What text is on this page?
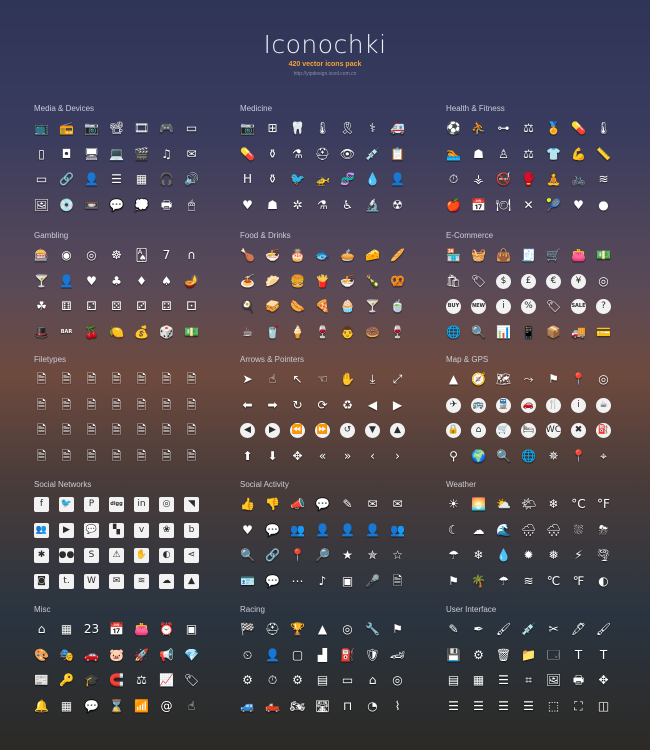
Iconochki
420 vector icons pack
http://yipdesign.icool.com.cn
Media & Devices
📺 📻 📷 📽 🎞 🎮 ▭
▯	◘ 🖥 💻 🎬 ♫ ✉
▭ 🔗 👤 ☰ ▦ 🎧 🔊
🖼 💿 📼 💬 💭 🖶	🖱
Medicine
📷 ⊞ 🦷 🌡 🎗	⚕	🚑
💊 ⚱ ⚗ ⛑ 👁 💉 📋
H ⚱ 🐦 🚁 🧬 💧 👤
♥ ☗ ✲ ⚗ ♿ 🔬 ☢
Health & Fitness
⚽ ⛹ ⊶ ⚖ 🏅 💊 🌡
🏊 ☗ ♙ ⚖ 👕 💪 📏
⏱ ⚶ 🚭 🥊 🧘 🚲 ≋
🍎 📅 🍽 ✕ 🎾 ♥ ●
Gambling
🎰 ◉ ◎ ☸ 🂡	7	∩
🍸 👤 ♥ ♣ ♦ ♠ 🪔
☘ ⚅ ⚁ ⚄ ⚂ ⚃ ⚀
🎩	BAR 🍒 🍋 💰 🎲 💵
Food & Drinks
🍗 🍜 🎂 🐟 🥧 🧀 🥖
🍝 🥟 🍔 🍟 🍜 🍾 🥨
🍳 🥪 🌭 🍕 🧁 🍸 🍵
☕ 🥤 🍦 🍷 👨 🍩 🍷
E-Commerce
🏪 🧺 👜 🧾 🛒 👛 💵
🛍 🏷	$	£	€	¥	◎
BUY	NEW	i	% 🏷 SALE	?
🌐 🔍 📊 📱 📦 🚚 💳
Filetypes
🗎 🗎 🗎 🗎 🗎 🗎 🗎
🗎 🗎 🗎 🗎 🗎 🗎 🗎
🗎 🗎 🗎 🗎 🗎 🗎 🗎
🗎 🗎 🗎 🗎 🗎 🗎 🗎
Arrows & Pointers
➤	☝	↖ ☜ ✋	⤓	⤢
⬅ ➡ ↻ ⟳ ♻ ◀ ▶
◀	▶	⏪ ⏩	↺	▼	▲
⬆ ⬇ ✥	«	»	‹	›
Map & GPS
▲ 🧭 🗺 ⤳ ⚑ 📍 ◎
✈	🚌 🚆 🚗 🍴	i	☕
🔒	⌂	🛒 🛏 WC	✖	⛽
⚲ 🌍 🔍 🌐 ✵ 📍	⌖
Social Networks
f	🐦	P	digg	in	◎	◥
👥	▶	💬	▚	v	❀	b
✱	●●	S	⚠	✋	◐	⋖
◙	t.	W	✉	≋	☁	▲
Social Activity
👍 👎 📣 💬 ✎ ✉ ✉
♥ 💬 👥 👤 👤 👤 👥
🔍 🔗 📍 🔎 ★ ✯ ☆
🪪 💬 ⋯	♪	▣ 🎤 🗎
Weather
☀ 🌅 ⛅ 🌤 ❄ °C °F
☾ ☁ 🌊 🌧 🌨 ⛆ ⛈
☂ ❄ 💧 ✹ ❅ ⚡ 🌪
⚑ 🌴 ☂ ≋ ℃ ℉ ◐
Misc
⌂	▦ 23 📅 👛 ⏰ ▣
🎨 🎭 🚗 🐷 🚀 📢 💎
📰 🔑 🎓 🧲 ⚖ 📈 🏷
🔔 ▦ 💬 ⌛ 📶 @	☝
Racing
🏁 ⛑ 🏆 ▲ ◎ 🔧 ⚑
⏲ 👤 ▢ ▟ ⛽ 🛡 🏎
⚙ ⏱ ⚙ ▤ ▭	⌂	◎
🚙 🛻 🏍 🛣 ⊓ ◔	⌇
User Interface
✎ ✒ 🖌 💉 ✂ 🖋 🖌
💾 ⚙ 🗑 📁 🗔	T	T
▤ ▦ ☰	⌗	🖼 🖶 ✥
☰ ☰ ☰ ☰ ⬚ ⛶ ◫
